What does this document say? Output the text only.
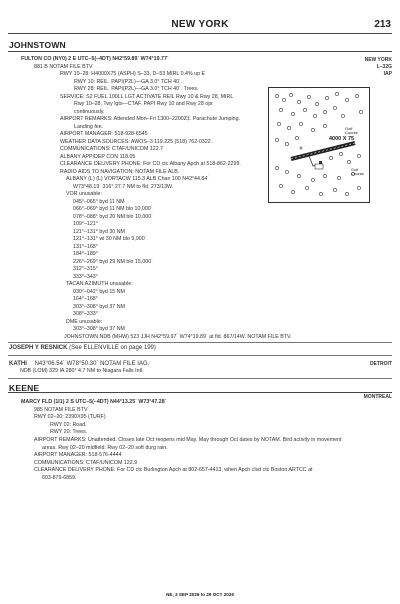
NEW YORK	213
JOHNSTOWN
FULTON CO (NY0) 2 E UTC–5(–4DT) N42°59.89´ W74°19.77´
881 B NOTAM FILE BTV
RWY 10–28: H4000X75 (ASPH) S–33, D–53 MIRL 0.4% up E
RWY 10: REIL. PAPI(P2L)—GA 3.0° TCH 40´.
RWY 28: REIL. PAPI(P2L)—GA 3.0° TCH 40´. Trees.
SERVICE: S2 FUEL 100LL LGT ACTIVATE REIL Rwy 10 & Rwy 28, MIRL
Rwy 10–28, Twy lgts—CTAF. PAPI Rwy 10 and Rwy 28 opr
continuously.
AIRPORT REMARKS: Attended Mon–Fri 1300–2200Z‡. Parachute Jumping.
Landing fee.
AIRPORT MANAGER: 518-928-6545
WEATHER DATA SOURCES: AWOS–3 119.225 (518) 762-0322.
COMMUNICATIONS: CTAF/UNICOM 122.7
ALBANY APP/DEP CON 118.05
CLEARANCE DELIVERY PHONE: For CD ctc Albany Apch at 518-862-2299.
RADIO AIDS TO NAVIGATION: NOTAM FILE ALB.
ALBANY (L) (L) VORTACW 115.3 ALB Chan 100 N42°44.84´
W73°48.19´ 316° 27.7 NM to fld. 273/13W.
VOR unusable:
045°–065° byd 11 NM
066°–069° byd 11 NM blo 10,000´
078°–088° byd 20 NM blo 10,000´
109°–121°
121°–131° byd 30 NM
121°–131° wi 30 NM blo 9,900´
131°–168°
184°–189°
226°–269° byd 29 NM blo 15,000´
312°–315°
333°–343°
TACAN AZIMUTH unusable:
030°–042° byd 15 NM
164°–168°
303°–308° byd 37 NM
308°–333°
DME unusable:
303°–308° byd 37 NM
JOHNSTOWN NDB (MHW) 523 JJH N42°59.97´ W74°19.89´ at fld. 867/14W. NOTAM FILE BTV.
NEW YORK
L–32G
IAP
4000 X 75
Golf
Course
Golf
Course
JOSEPH Y RESNICK (See ELLENVILLE on page 199)
KATHI N43°06.54´ W78°50.30´ NOTAM FILE IAG.
NDB (LOM) 329 IA 280° 4.7 NM to Niagara Falls Intl.
DETROIT
KEENE
MONTREAL
MARCY FLD (1I1) 2 S UTC–5(–4DT) N44°13.25´ W73°47.28´
985 NOTAM FILE BTV
RWY 02–20: 2390X95 (TURF)
RWY 02: Road.
RWY 20: Trees.
AIRPORT REMARKS: Unattended. Closes late Oct reopens mid May. May through Oct dates by NOTAM. Bird activity in movement
areas. Rwy 02–20 midfield. Rwy 02–20 soft durg rain.
AIRPORT MANAGER: 518-576-4444
COMMUNICATIONS: CTAF/UNICOM 122.9
CLEARANCE DELIVERY PHONE: For CD ctc Burlington Apch at 802-657-4413, when Apch clsd ctc Boston ARTCC at
603-879-6859.
NE, 3 SEP 2026 to 29 OCT 2026
